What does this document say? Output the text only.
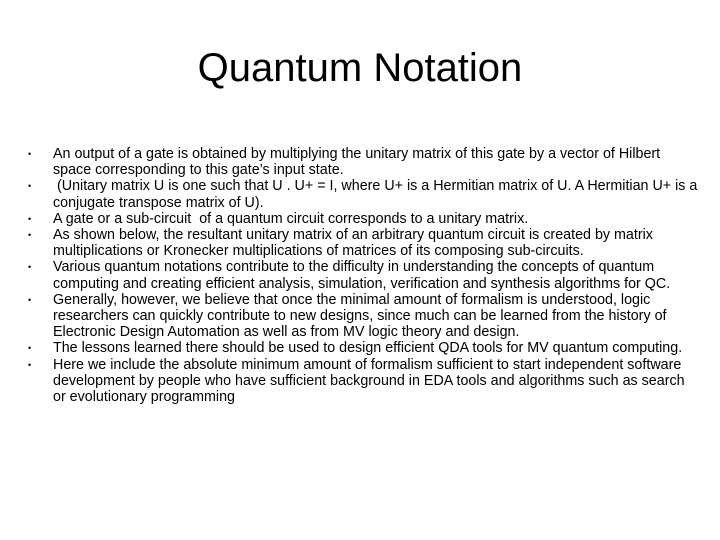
Quantum Notation
• An output of a gate is obtained by multiplying the unitary matrix of this gate by a vector of Hilbert space corresponding to this gate’s input state.
• (Unitary matrix U is one such that U . U+ = I, where U+ is a Hermitian matrix of U. A Hermitian U+ is a conjugate transpose matrix of U).
• A gate or a sub-circuit  of a quantum circuit corresponds to a unitary matrix.
• As shown below, the resultant unitary matrix of an arbitrary quantum circuit is created by matrix multiplications or Kronecker multiplications of matrices of its composing sub-circuits.
• Various quantum notations contribute to the difficulty in understanding the concepts of quantum computing and creating efficient analysis, simulation, verification and synthesis algorithms for QC.
• Generally, however, we believe that once the minimal amount of formalism is understood, logic researchers can quickly contribute to new designs, since much can be learned from the history of Electronic Design Automation as well as from MV logic theory and design.
• The lessons learned there should be used to design efficient QDA tools for MV quantum computing.
• Here we include the absolute minimum amount of formalism sufficient to start independent software development by people who have sufficient background in EDA tools and algorithms such as search or evolutionary programming
